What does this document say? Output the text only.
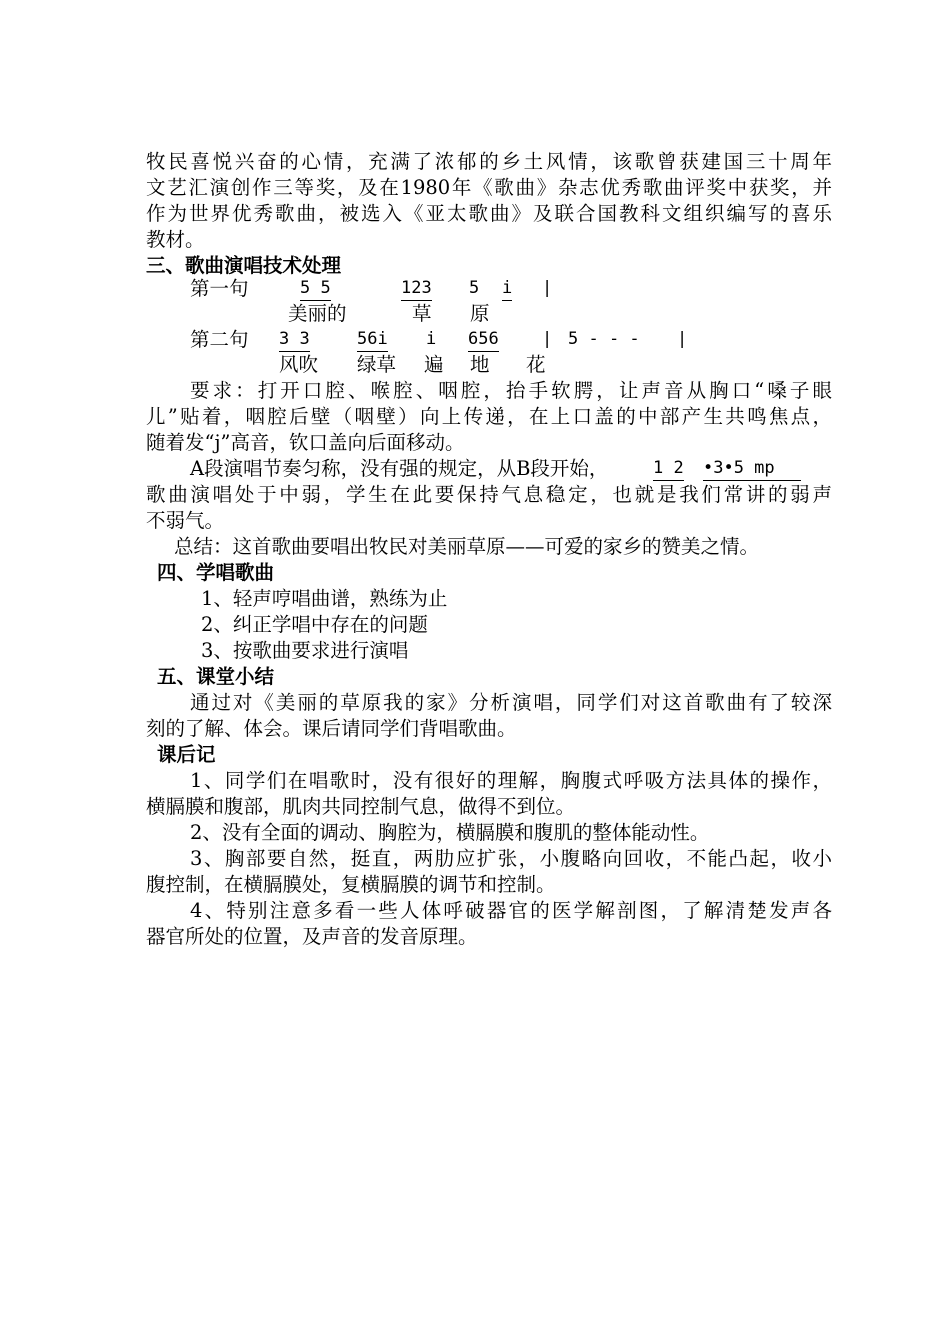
牧民喜悦兴奋的心情，充满了浓郁的乡土风情，该歌曾获建国三十周年
文艺汇演创作三等奖，及在1980年《歌曲》杂志优秀歌曲评奖中获奖，并
作为世界优秀歌曲，被选入《亚太歌曲》及联合国教科文组织编写的喜乐
教材。
三、歌曲演唱技术处理
第一句	5 5	123 5 i |
美丽的	草 原
第二句 3 3	56i i 656	| 5 - - - |
风吹 绿草 遍 地 花
要求：打开口腔、喉腔、咽腔，抬手软腭，让声音从胸口“嗓子眼
儿”贴着，咽腔后壁（咽壁）向上传递，在上口盖的中部产生共鸣焦点，
随着发“j”高音，钦口盖向后面移动。
A段演唱节奏匀称，没有强的规定，从B段开始，	1 2 •3•5 mp
歌曲演唱处于中弱，学生在此要保持气息稳定，也就是我们常讲的弱声
不弱气。
总结：这首歌曲要唱出牧民对美丽草原——可爱的家乡的赞美之情。
四、学唱歌曲
1、轻声哼唱曲谱，熟练为止
2、纠正学唱中存在的问题
3、按歌曲要求进行演唱
五、课堂小结
通过对《美丽的草原我的家》分析演唱，同学们对这首歌曲有了较深
刻的了解、体会。课后请同学们背唱歌曲。
课后记
1、同学们在唱歌时，没有很好的理解，胸腹式呼吸方法具体的操作，
横膈膜和腹部，肌肉共同控制气息，做得不到位。
2、没有全面的调动、胸腔为，横膈膜和腹肌的整体能动性。
3、胸部要自然，挺直，两肋应扩张，小腹略向回收，不能凸起，收小
腹控制，在横膈膜处，复横膈膜的调节和控制。
4、特别注意多看一些人体呼破器官的医学解剖图，了解清楚发声各
器官所处的位置，及声音的发音原理。
